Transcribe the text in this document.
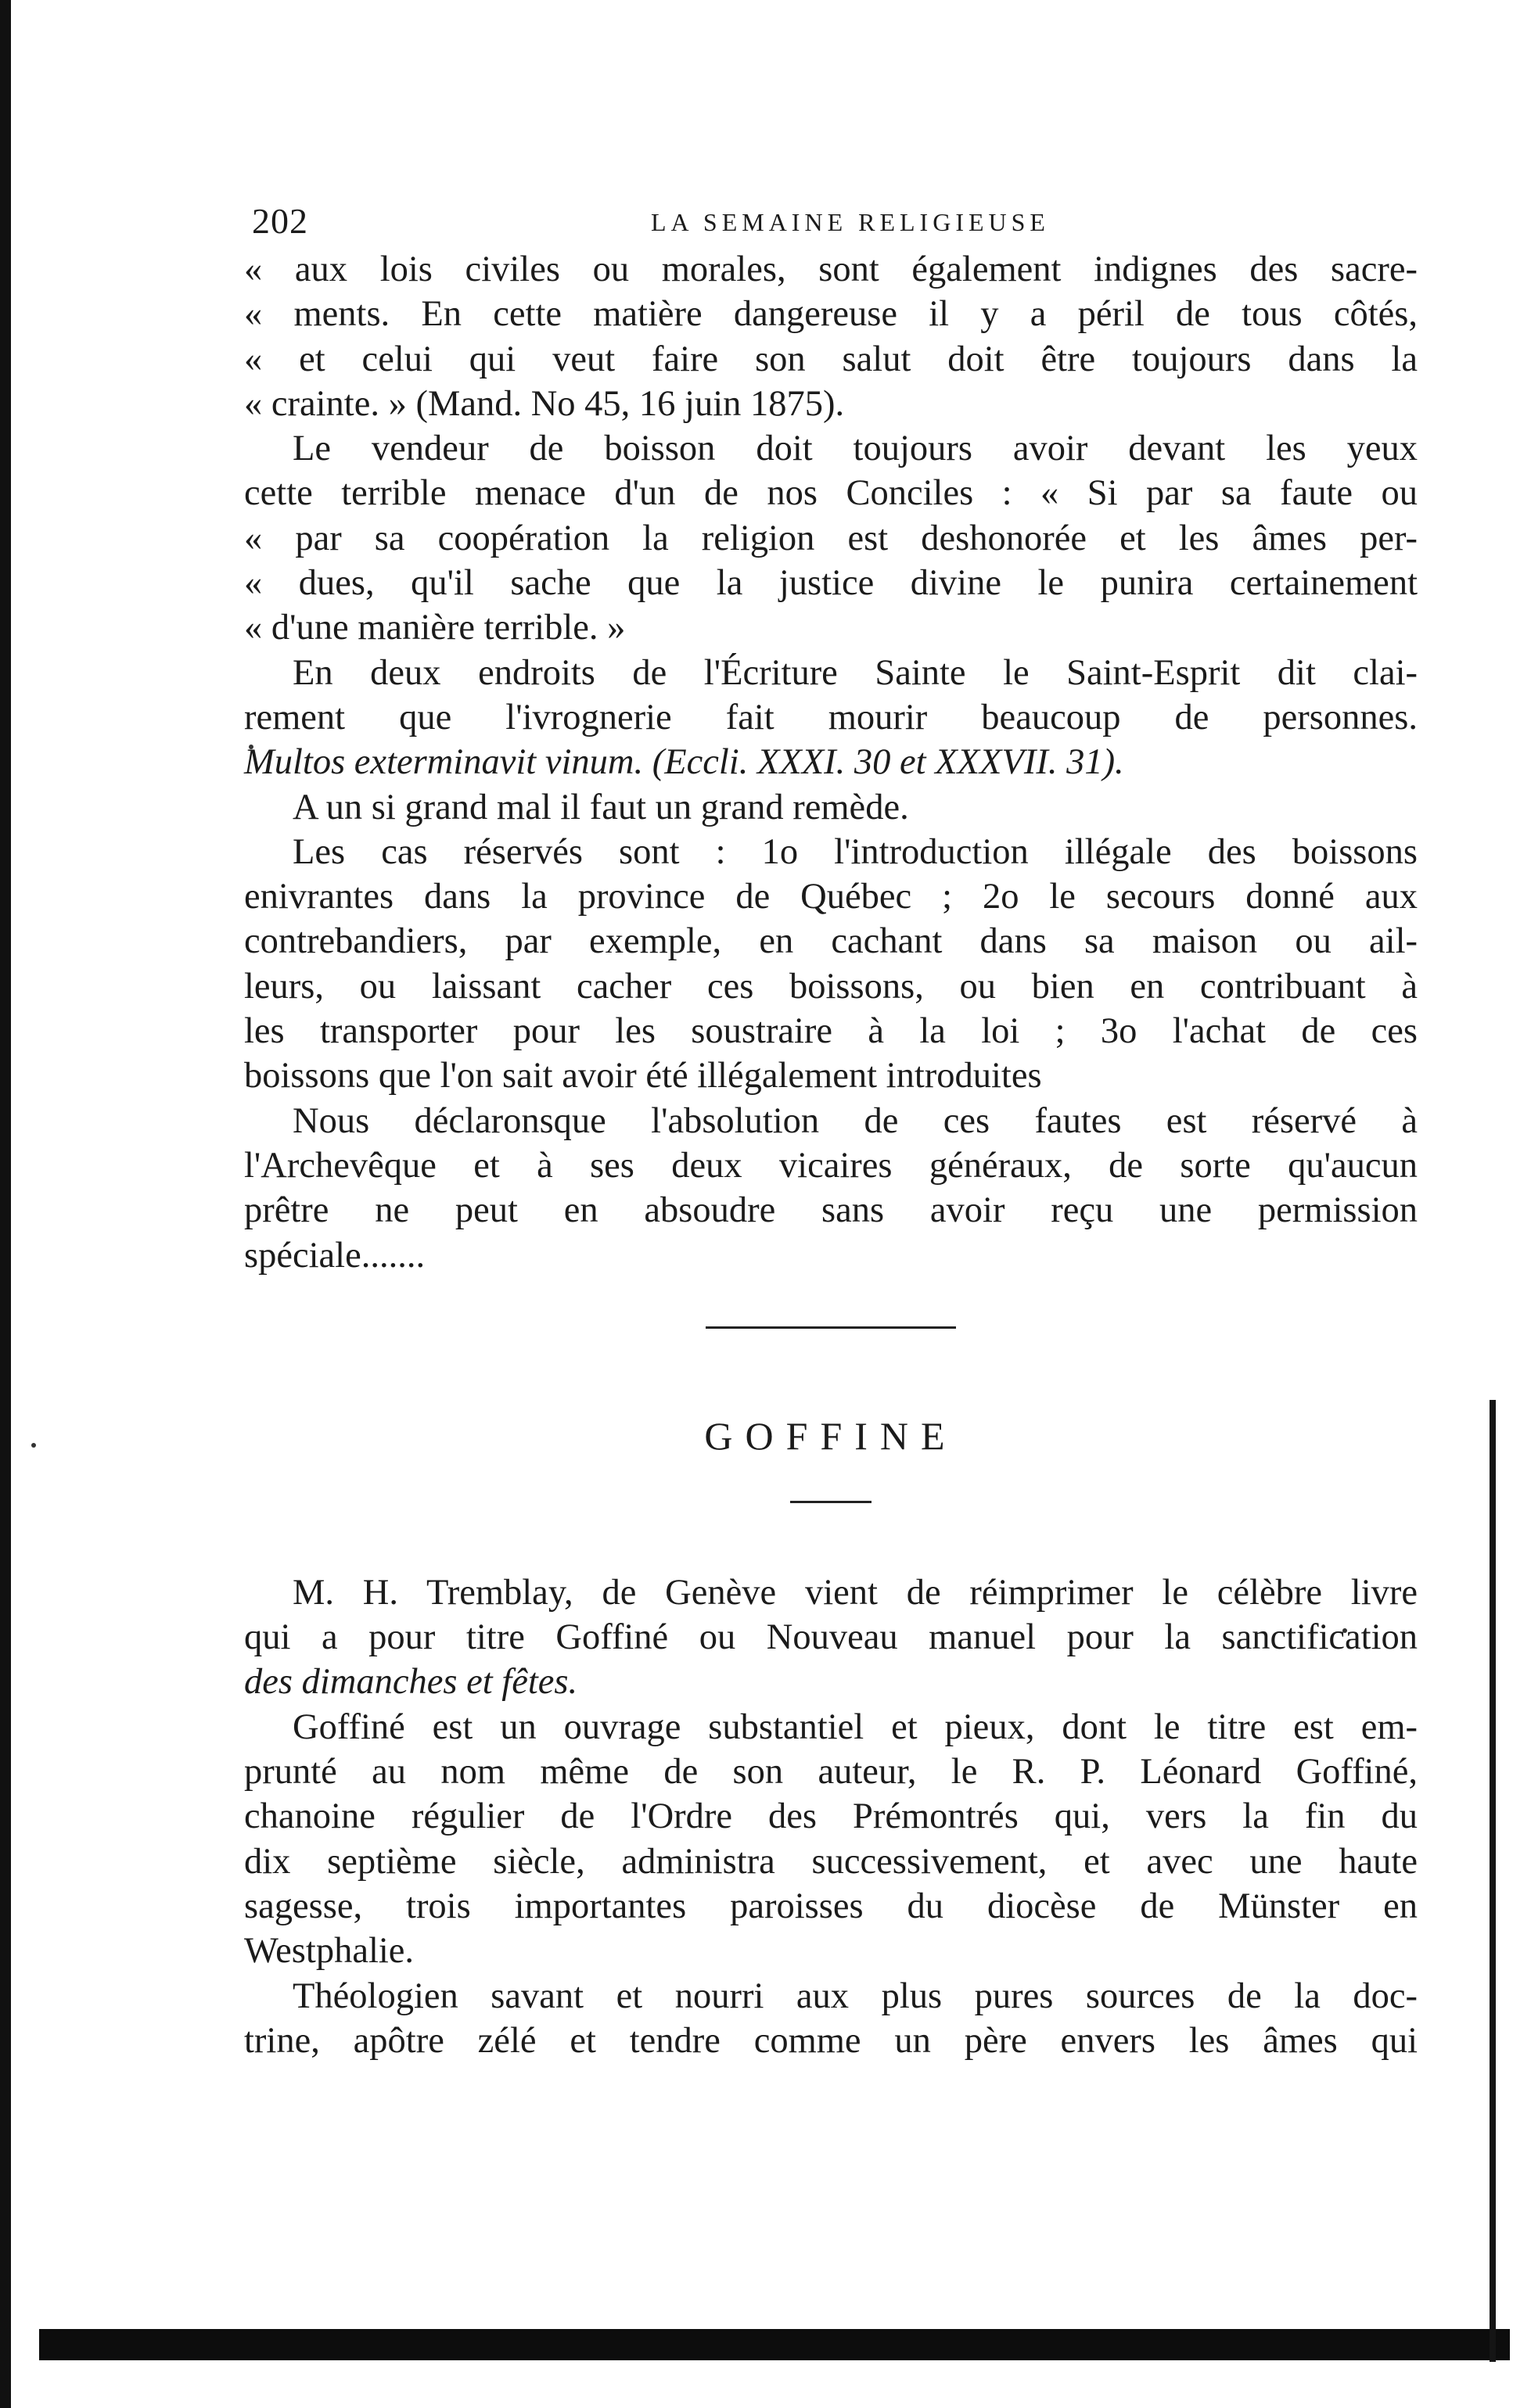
202	LA SEMAINE RELIGIEUSE
« aux lois civiles ou morales, sont également indignes des sacre-
« ments. En cette matière dangereuse il y a péril de tous côtés,
« et celui qui veut faire son salut doit être toujours dans la
« crainte. » (Mand. No 45, 16 juin 1875).
Le vendeur de boisson doit toujours avoir devant les yeux
cette terrible menace d'un de nos Conciles : « Si par sa faute ou
« par sa coopération la religion est deshonorée et les âmes per-
« dues, qu'il sache que la justice divine le punira certainement
« d'une manière terrible. »
En deux endroits de l'Écriture Sainte le Saint-Esprit dit clai-
rement que l'ivrognerie fait mourir beaucoup de personnes.
Multos exterminavit vinum. (Eccli. XXXI. 30 et XXXVII. 31).
A un si grand mal il faut un grand remède.
Les cas réservés sont : 1o l'introduction illégale des boissons
enivrantes dans la province de Québec ; 2o le secours donné aux
contrebandiers, par exemple, en cachant dans sa maison ou ail-
leurs, ou laissant cacher ces boissons, ou bien en contribuant à
les transporter pour les soustraire à la loi ; 3o l'achat de ces
boissons que l'on sait avoir été illégalement introduites
Nous déclaronsque l'absolution de ces fautes est réservé à
l'Archevêque et à ses deux vicaires généraux, de sorte qu'aucun
prêtre ne peut en absoudre sans avoir reçu une permission
spéciale.......
GOFFINE
M. H. Tremblay, de Genève vient de réimprimer le célèbre livre
qui a pour titre Goffiné ou Nouveau manuel pour la sanctification
des dimanches et fêtes.
Goffiné est un ouvrage substantiel et pieux, dont le titre est em-
prunté au nom même de son auteur, le R. P. Léonard Goffiné,
chanoine régulier de l'Ordre des Prémontrés qui, vers la fin du
dix septième siècle, administra successivement, et avec une haute
sagesse, trois importantes paroisses du diocèse de Münster en
Westphalie.
Théologien savant et nourri aux plus pures sources de la doc-
trine, apôtre zélé et tendre comme un père envers les âmes qui
